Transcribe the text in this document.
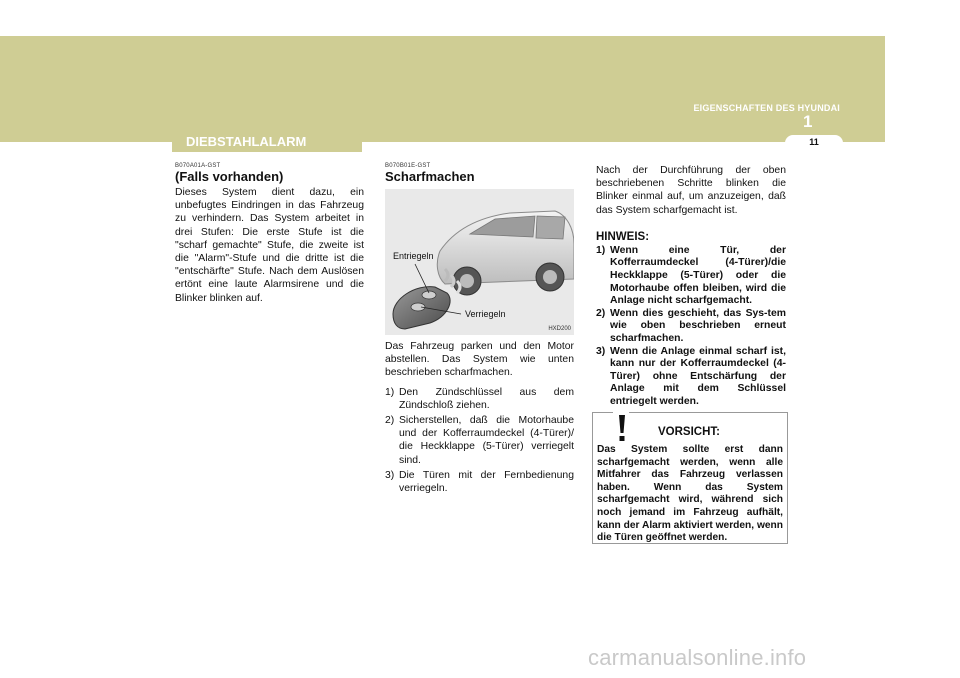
EIGENSCHAFTEN DES HYUNDAI
1
11
DIEBSTAHLALARM
B070A01A-GST
(Falls vorhanden)
Dieses System dient dazu, ein unbefugtes Eindringen in das Fahrzeug zu verhindern. Das System arbeitet in drei Stufen: Die erste Stufe ist die "scharf gemachte" Stufe, die zweite ist die "Alarm"-Stufe und die dritte ist die "entschärfte" Stufe. Nach dem Auslösen ertönt eine laute Alarmsirene und die Blinker blinken auf.
B070B01E-GST
Scharfmachen
Entriegeln
Verriegeln
HXD200
Das Fahrzeug parken und den Motor abstellen. Das System wie unten beschrieben scharfmachen.
1) Den Zündschlüssel aus dem Zündschloß ziehen.
2) Sicherstellen, daß die Motorhaube und der Kofferraumdeckel (4-Türer)/ die Heckklappe (5-Türer) verriegelt sind.
3) Die Türen mit der Fernbedienung verriegeln.
Nach der Durchführung der oben beschriebenen Schritte blinken die Blinker einmal auf, um anzuzeigen, daß das System scharfgemacht ist.
HINWEIS:
1) Wenn eine Tür, der Kofferraumdeckel (4-Türer)/die Heckklappe (5-Türer) oder die Motorhaube offen bleiben, wird die Anlage nicht scharfgemacht.
2) Wenn dies geschieht, das Sys-tem wie oben beschrieben erneut scharfmachen.
3) Wenn die Anlage einmal scharf ist, kann nur der Kofferraumdeckel (4-Türer) ohne Entschärfung der Anlage mit dem Schlüssel entriegelt werden.
VORSICHT:
Das System sollte erst dann scharfgemacht werden, wenn alle Mitfahrer das Fahrzeug verlassen haben. Wenn das System scharfgemacht wird, während sich noch jemand im Fahrzeug aufhält, kann der Alarm aktiviert werden, wenn die Türen geöffnet werden.
carmanualsonline.info
